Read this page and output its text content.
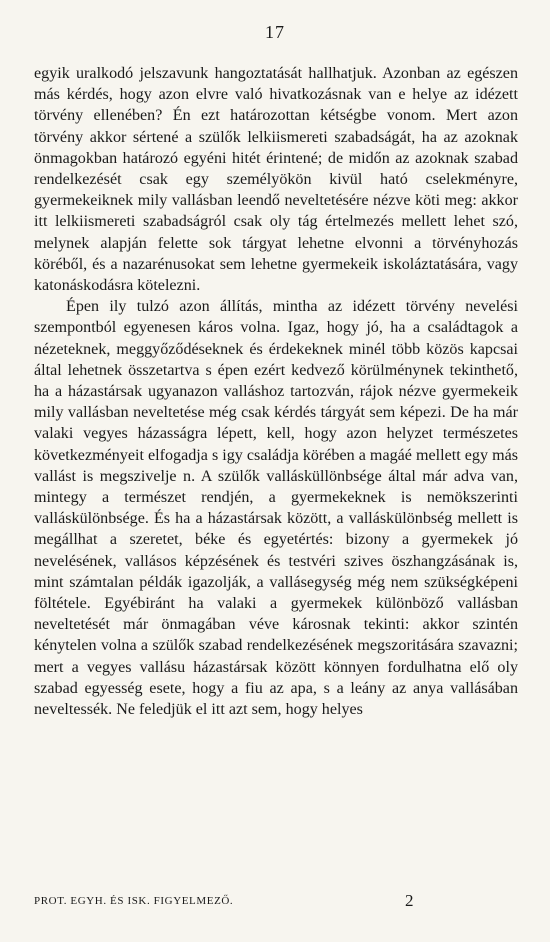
17

egyik uralkodó jelszavunk hangoztatását hallhatjuk. Azonban az egészen más kérdés, hogy azon elvre való hivatkozásnak van e helye az idézett törvény ellenében? Én ezt határozottan kétségbe vonom. Mert azon törvény akkor sértené a szülők lelkiismereti szabadságát, ha az azoknak önmagokban határozó egyéni hitét érintené; de midőn az azoknak szabad rendelkezését csak egy személyökön kivül ható cselekményre, gyermekeiknek mily vallásban leendő neveltetésére nézve köti meg: akkor itt lelkiismereti szabadságról csak oly tág értelmezés mellett lehet szó, melynek alapján felette sok tárgyat lehetne elvonni a törvényhozás köréből, és a nazarénusokat sem lehetne gyermekeik iskoláztatására, vagy katonáskodásra kötelezni.

Épen ily tulzó azon állítás, mintha az idézett törvény nevelési szempontból egyenesen káros volna. Igaz, hogy jó, ha a családtagok a nézeteknek, meggyőződéseknek és érdekeknek minél több közös kapcsai által lehetnek összetartva s épen ezért kedvező körülménynek tekinthető, ha a házastársak ugyanazon valláshoz tartozván, rájok nézve gyermekeik mily vallásban neveltetése még csak kérdés tárgyát sem képezi. De ha már valaki vegyes házasságra lépett, kell, hogy azon helyzet természetes következményeit elfogadja s igy családja körében a magáé mellett egy más vallást is megszivelje n. A szülők vallásküllönbsége által már adva van, mintegy a természet rendjén, a gyermekeknek is nemökszerinti valláskülönbsége. És ha a házastársak között, a valláskülönbség mellett is megállhat a szeretet, béke és egyetértés: bizony a gyermekek jó nevelésének, vallásos képzésének és testvéri szives öszhangzásának is, mint számtalan példák igazolják, a vallásegység még nem szükségképeni föltétele. Egyébiránt ha valaki a gyermekek különböző vallásban neveltetését már önmagában véve károsnak tekinti: akkor szintén kénytelen volna a szülők szabad rendelkezésének megszoritására szavazni; mert a vegyes vallásu házastársak között könnyen fordulhatna elő oly szabad egyesség esete, hogy a fiu az apa, s a leány az anya vallásában neveltessék. Ne feledjük el itt azt sem, hogy helyes

PROT. EGYH. ÉS ISK. FIGYELMEZŐ.	2
